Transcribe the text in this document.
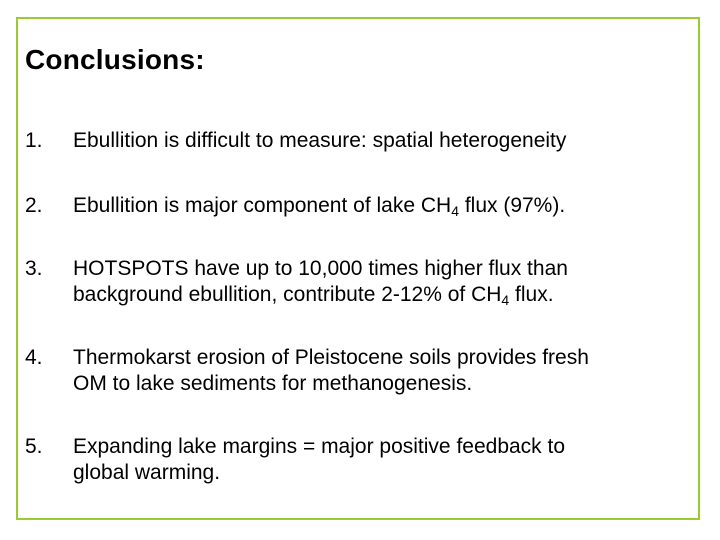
Conclusions:
1. Ebullition is difficult to measure: spatial heterogeneity
2. Ebullition is major component of lake $CH_4$ flux (97%).
3. HOTSPOTS have up to 10,000 times higher flux than
background ebullition, contribute 2-12% of $CH_4$ flux.
4. Thermokarst erosion of Pleistocene soils provides fresh
OM to lake sediments for methanogenesis.
5. Expanding lake margins = major positive feedback to
global warming.
